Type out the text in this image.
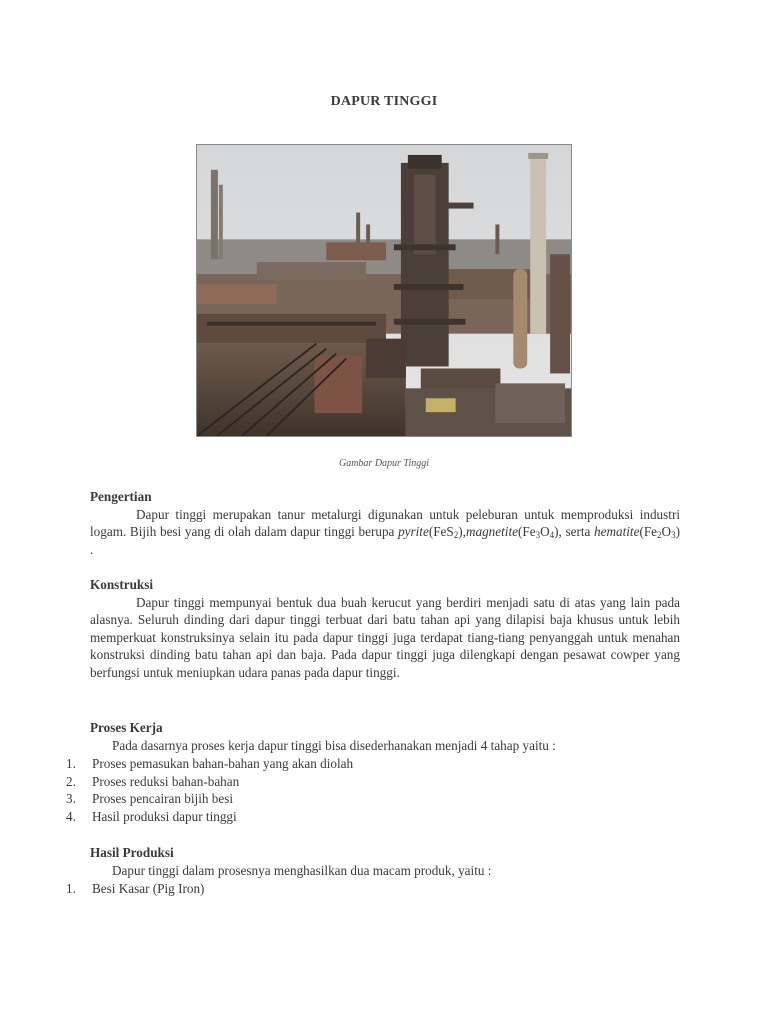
DAPUR TINGGI
Gambar Dapur Tinggi
Pengertian

Dapur tinggi merupakan tanur metalurgi digunakan untuk peleburan untuk memproduksi industri logam. Bijih besi yang di olah dalam dapur tinggi berupa $pyrite(FeS_2),magnetite(Fe_3O_4)$, serta $hematite(Fe_2O_3)$ .

Konstruksi

Dapur tinggi mempunyai bentuk dua buah kerucut yang berdiri menjadi satu di atas yang lain pada alasnya. Seluruh dinding dari dapur tinggi terbuat dari batu tahan api yang dilapisi baja khusus untuk lebih memperkuat konstruksinya selain itu pada dapur tinggi juga terdapat tiang-tiang penyanggah untuk menahan konstruksi dinding batu tahan api dan baja. Pada dapur tinggi juga dilengkapi dengan pesawat cowper yang berfungsi untuk meniupkan udara panas pada dapur tinggi.

Proses Kerja

Pada dasarnya proses kerja dapur tinggi bisa disederhanakan menjadi 4 tahap yaitu :

1.	Proses pemasukan bahan-bahan yang akan diolah
2.	Proses reduksi bahan-bahan
3.	Proses pencairan bijih besi
4.	Hasil produksi dapur tinggi
Hasil Produksi

Dapur tinggi dalam prosesnya menghasilkan dua macam produk, yaitu :

1.	Besi Kasar (Pig Iron)
